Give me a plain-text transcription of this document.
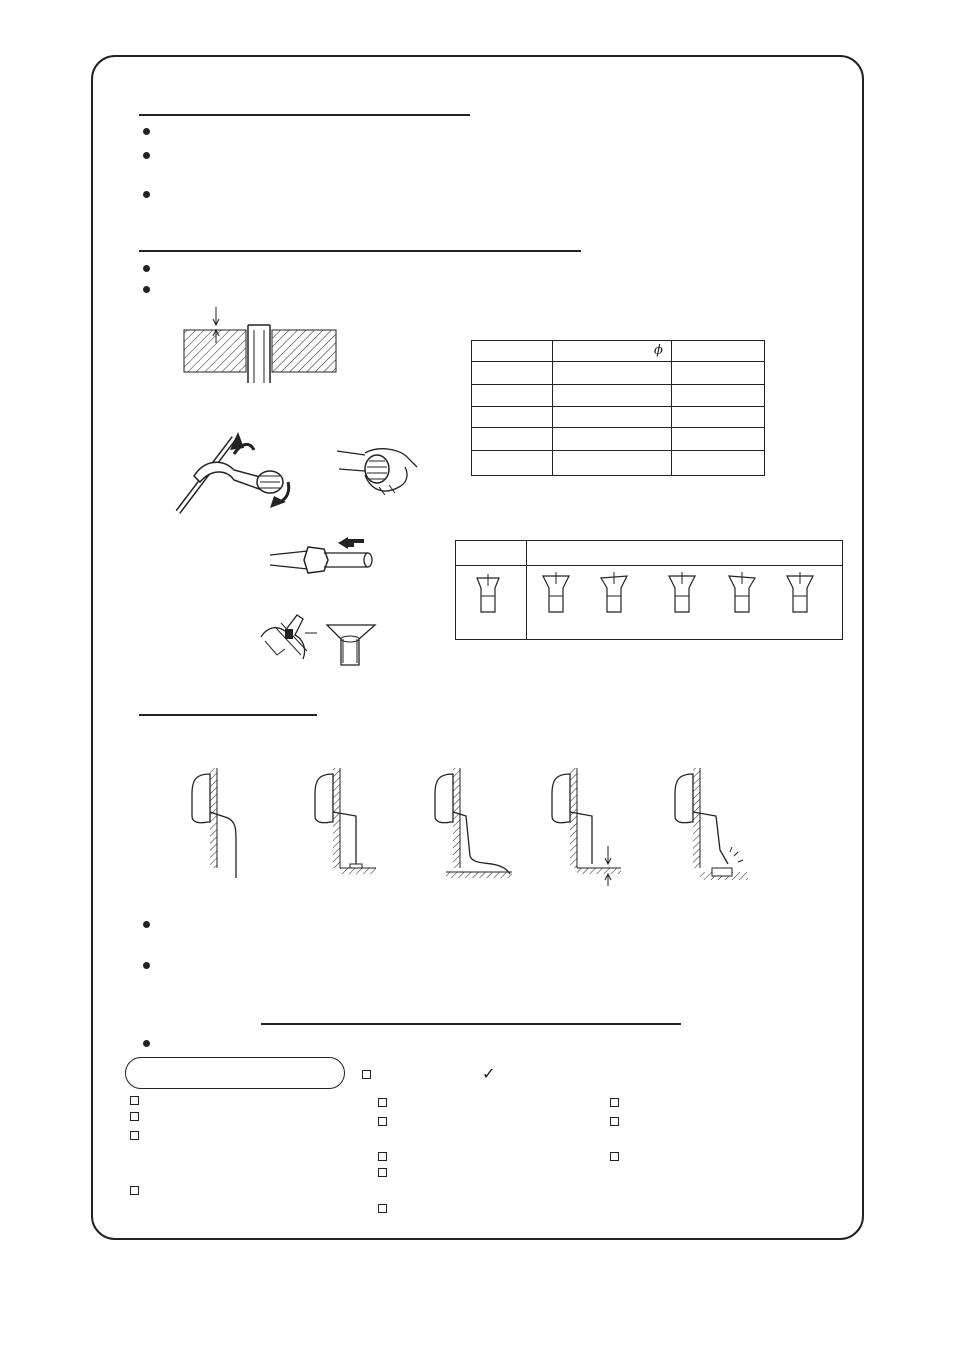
ϕ
✓
